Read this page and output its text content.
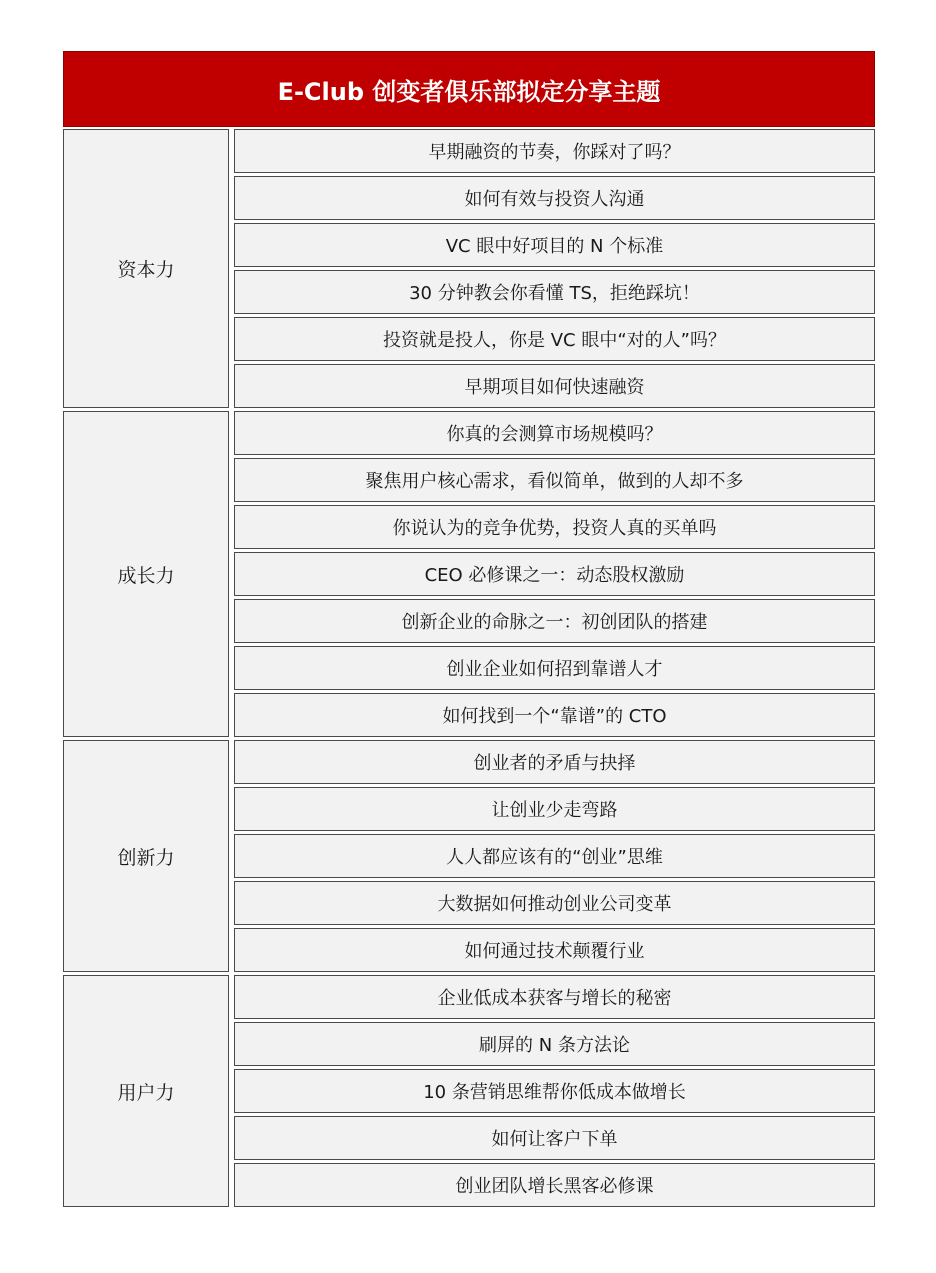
E-Club 创变者俱乐部拟定分享主题
资本力
早期融资的节奏，你踩对了吗？
如何有效与投资人沟通
VC 眼中好项目的 N 个标准
30 分钟教会你看懂 TS，拒绝踩坑！
投资就是投人，你是 VC 眼中“对的人”吗？
早期项目如何快速融资
成长力
你真的会测算市场规模吗？
聚焦用户核心需求，看似简单，做到的人却不多
你说认为的竞争优势，投资人真的买单吗
CEO 必修课之一：动态股权激励
创新企业的命脉之一：初创团队的搭建
创业企业如何招到靠谱人才
如何找到一个“靠谱”的 CTO
创新力
创业者的矛盾与抉择
让创业少走弯路
人人都应该有的“创业”思维
大数据如何推动创业公司变革
如何通过技术颠覆行业
用户力
企业低成本获客与增长的秘密
刷屏的 N 条方法论
10 条营销思维帮你低成本做增长
如何让客户下单
创业团队增长黑客必修课
